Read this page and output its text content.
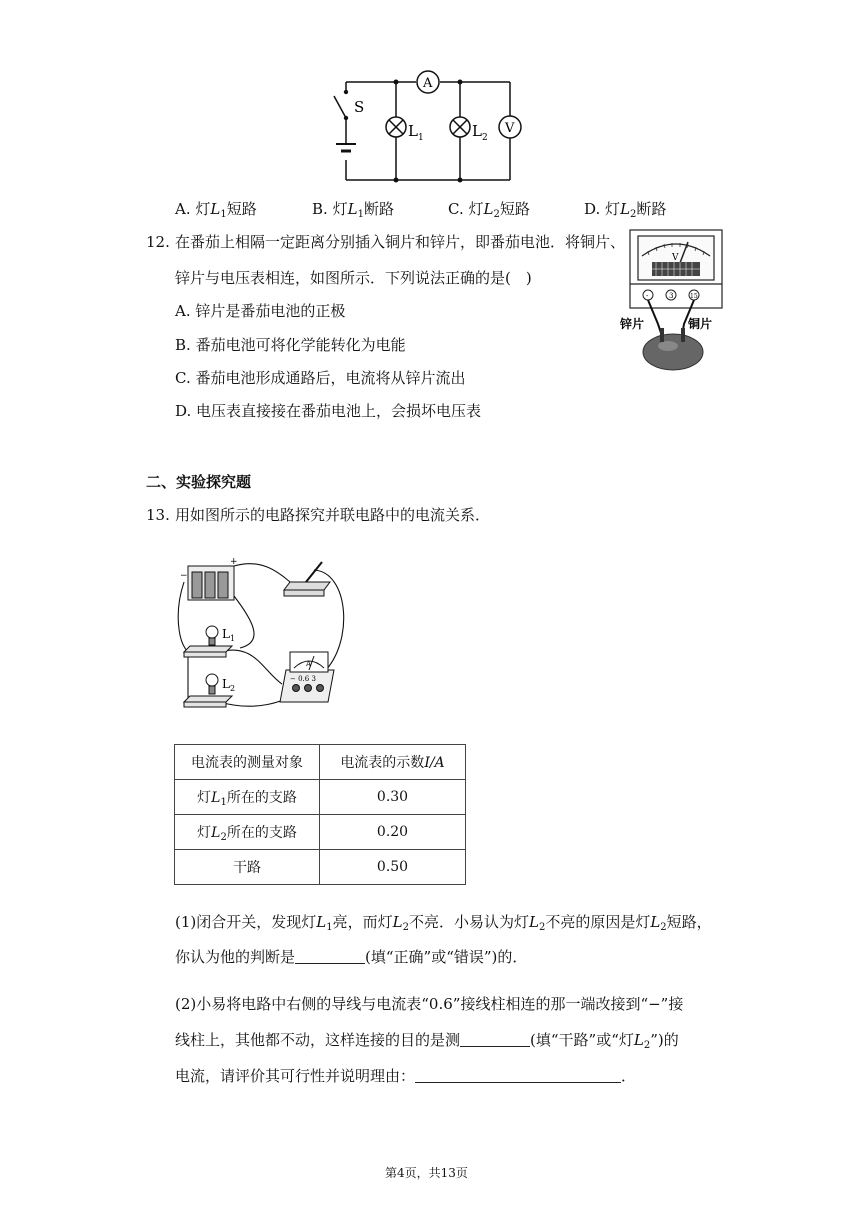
S
A
V
$L_1$	$L_2$
A. 灯$L_1$短路	B. 灯$L_1$断路	C. 灯$L_2$短路	D. 灯$L_2$断路
12. 在番茄上相隔一定距离分别插入铜片和锌片，即番茄电池．将铜片、
锌片与电压表相连，如图所示．下列说法正确的是(　)
A. 锌片是番茄电池的正极
B. 番茄电池可将化学能转化为电能
C. 番茄电池形成通路后，电流将从锌片流出
D. 电压表直接接在番茄电池上，会损坏电压表
V
-	3	15
锌片	铜片
二、实验探究题
13. 用如图所示的电路探究并联电路中的电流关系．
−
+
$L_1$
$L_2$
A
− 0.6 3
电流表的测量对象	电流表的示数I/A
灯$L_1$所在的支路	0.30
灯$L_2$所在的支路	0.20
干路	0.50
(1)闭合开关，发现灯$L_1$亮，而灯$L_2$不亮．小易认为灯$L_2$不亮的原因是灯$L_2$短路，
你认为他的判断是	(填“正确”或“错误”)的．
(2)小易将电路中右侧的导线与电流表“0.6”接线柱相连的那一端改接到“−”接
线柱上，其他都不动，这样连接的目的是测	(填“干路”或“灯$L_2$”)的
电流，请评价其可行性并说明理由：	．
第4页，共13页
